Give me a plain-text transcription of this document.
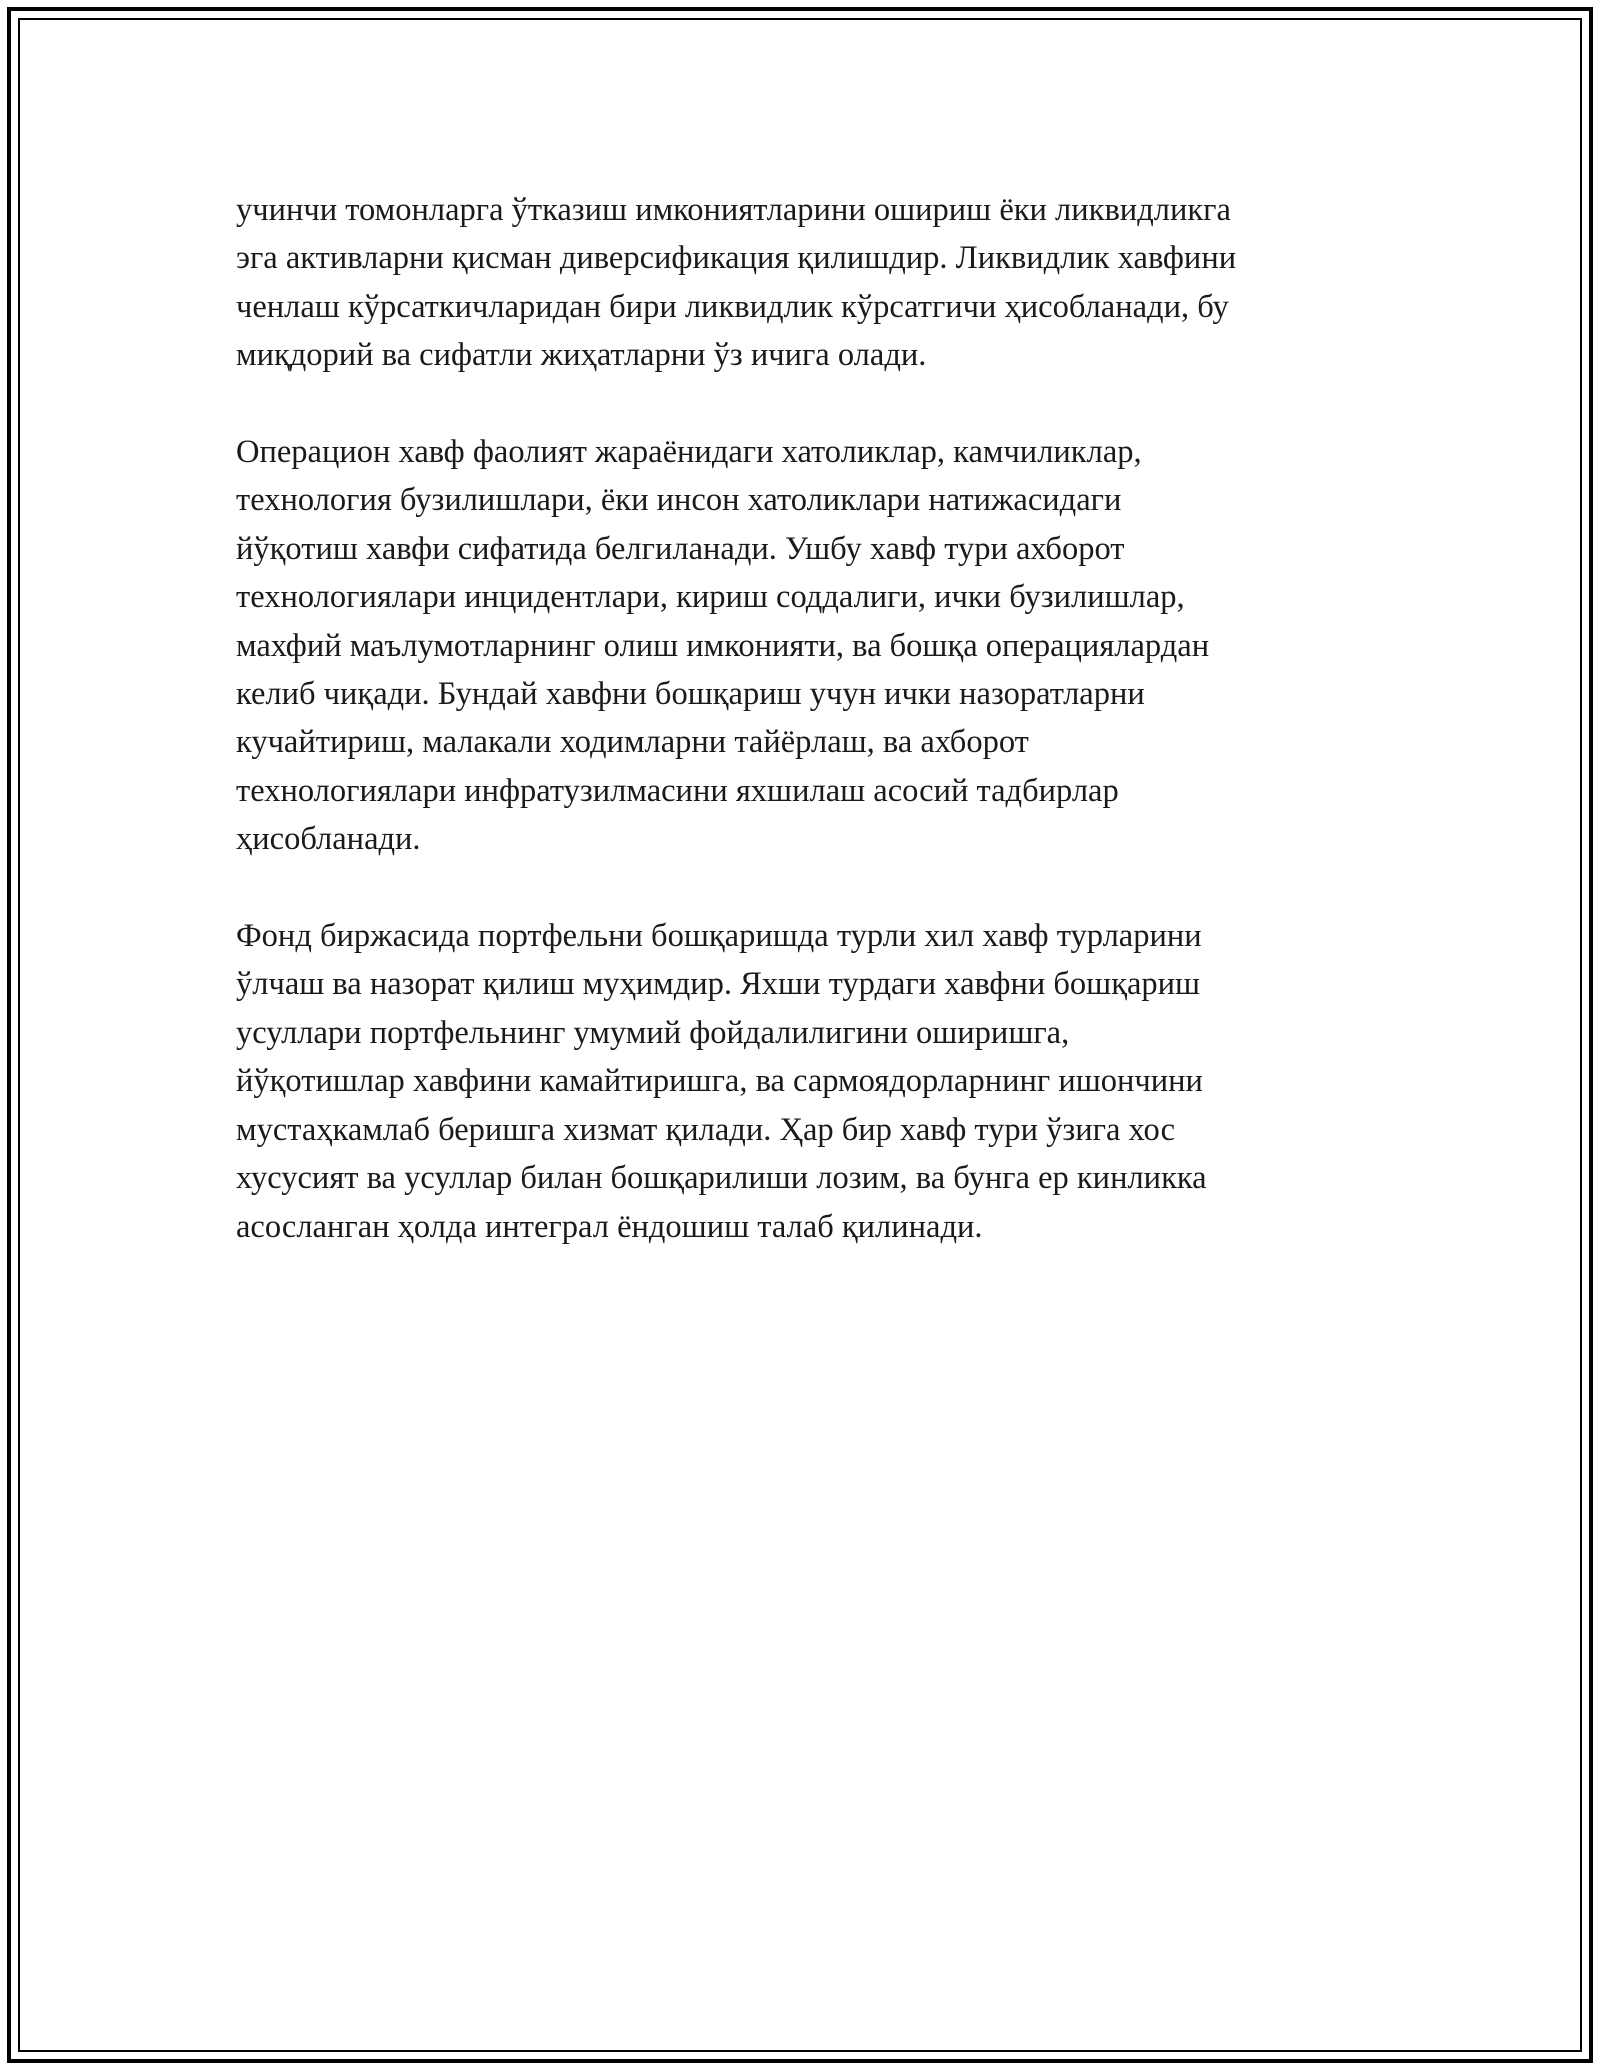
учинчи томонларга ўтказиш имкониятларини ошириш ёки ликвидликга
эга активларни қисман диверсификация қилишдир. Ликвидлик хавфини
ченлаш кўрсаткичларидан бири ликвидлик кўрсатгичи ҳисобланади, бу
миқдорий ва сифатли жиҳатларни ўз ичига олади.

Операцион хавф фаолият жараёнидаги хатоликлар, камчиликлар,
технология бузилишлари, ёки инсон хатоликлари натижасидаги
йўқотиш хавфи сифатида белгиланади. Ушбу хавф тури ахборот
технологиялари инцидентлари, кириш соддалиги, ички бузилишлар,
махфий маълумотларнинг олиш имконияти, ва бошқа операциялардан
келиб чиқади. Бундай хавфни бошқариш учун ички назоратларни
кучайтириш, малакали ходимларни тайёрлаш, ва ахборот
технологиялари инфратузилмасини яхшилаш асосий тадбирлар
ҳисобланади.

Фонд биржасида портфельни бошқаришда турли хил хавф турларини
ўлчаш ва назорат қилиш муҳимдир. Яхши турдаги хавфни бошқариш
усуллари портфельнинг умумий фойдалилигини оширишга,
йўқотишлар хавфини камайтиришга, ва сармоядорларнинг ишончини
мустаҳкамлаб беришга хизмат қилади. Ҳар бир хавф тури ўзига хос
хусусият ва усуллар билан бошқарилиши лозим, ва бунга ер кинликка
асосланган ҳолда интеграл ёндошиш талаб қилинади.
